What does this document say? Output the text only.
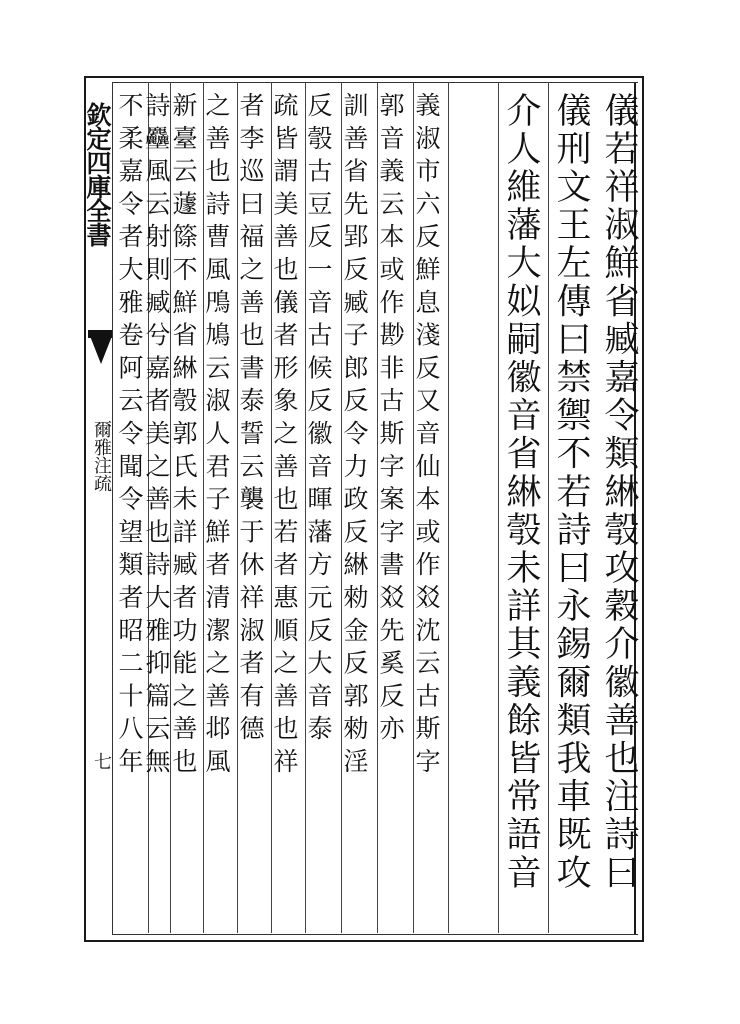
欽定四庫全書
爾雅注疏
七	儀若祥淑鮮省臧嘉令類綝彀攻穀介徽善也注詩曰
儀刑文王左傳曰禁禦不若詩曰永錫爾類我車既攻
介人維藩大姒嗣徽音省綝彀未詳其義餘皆常語音
義淑市六反鮮息淺反又音仙本或作㸚沈云古斯字
郭音義云本或作尠非古斯字案字書㸚先奚反亦
訓善省先郢反臧子郎反令力政反綝勑金反郭勑淫
反彀古豆反一音古候反徽音暉藩方元反大音泰
疏皆謂美善也儀者形象之善也若者惠順之善也祥
者李巡曰福之善也書泰誓云襲于休祥淑者有德
之善也詩曹風鳲鳩云淑人君子鮮者清潔之善邶風
新臺云蘧篨不鮮省綝彀郭氏未詳臧者功能之善也
詩𪋻風云射則臧兮嘉者美之善也詩大雅抑篇云無
不柔嘉令者大雅卷阿云令聞令望類者昭二十八年
